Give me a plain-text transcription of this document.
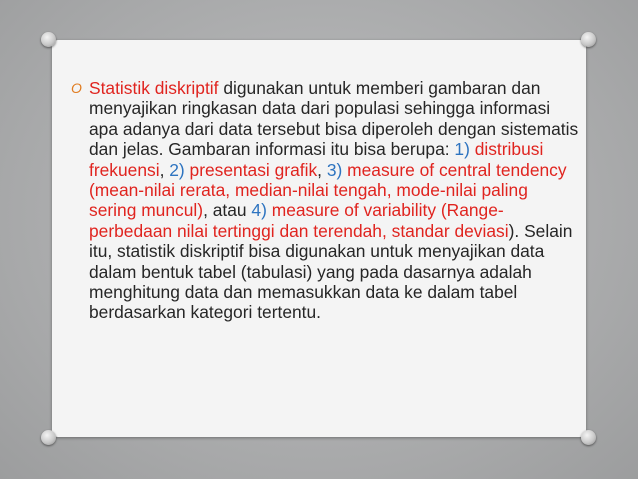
O Statistik diskriptif digunakan untuk memberi gambaran dan menyajikan ringkasan data dari populasi sehingga informasi apa adanya dari data tersebut bisa diperoleh dengan sistematis dan jelas. Gambaran informasi itu bisa berupa: 1) distribusi frekuensi, 2) presentasi grafik, 3) measure of central tendency (mean-nilai rerata, median-nilai tengah, mode-nilai paling sering muncul), atau 4) measure of variability (Range-perbedaan nilai tertinggi dan terendah, standar deviasi). Selain itu, statistik diskriptif bisa digunakan untuk menyajikan data dalam bentuk tabel (tabulasi) yang pada dasarnya adalah menghitung data dan memasukkan data ke dalam tabel berdasarkan kategori tertentu.
